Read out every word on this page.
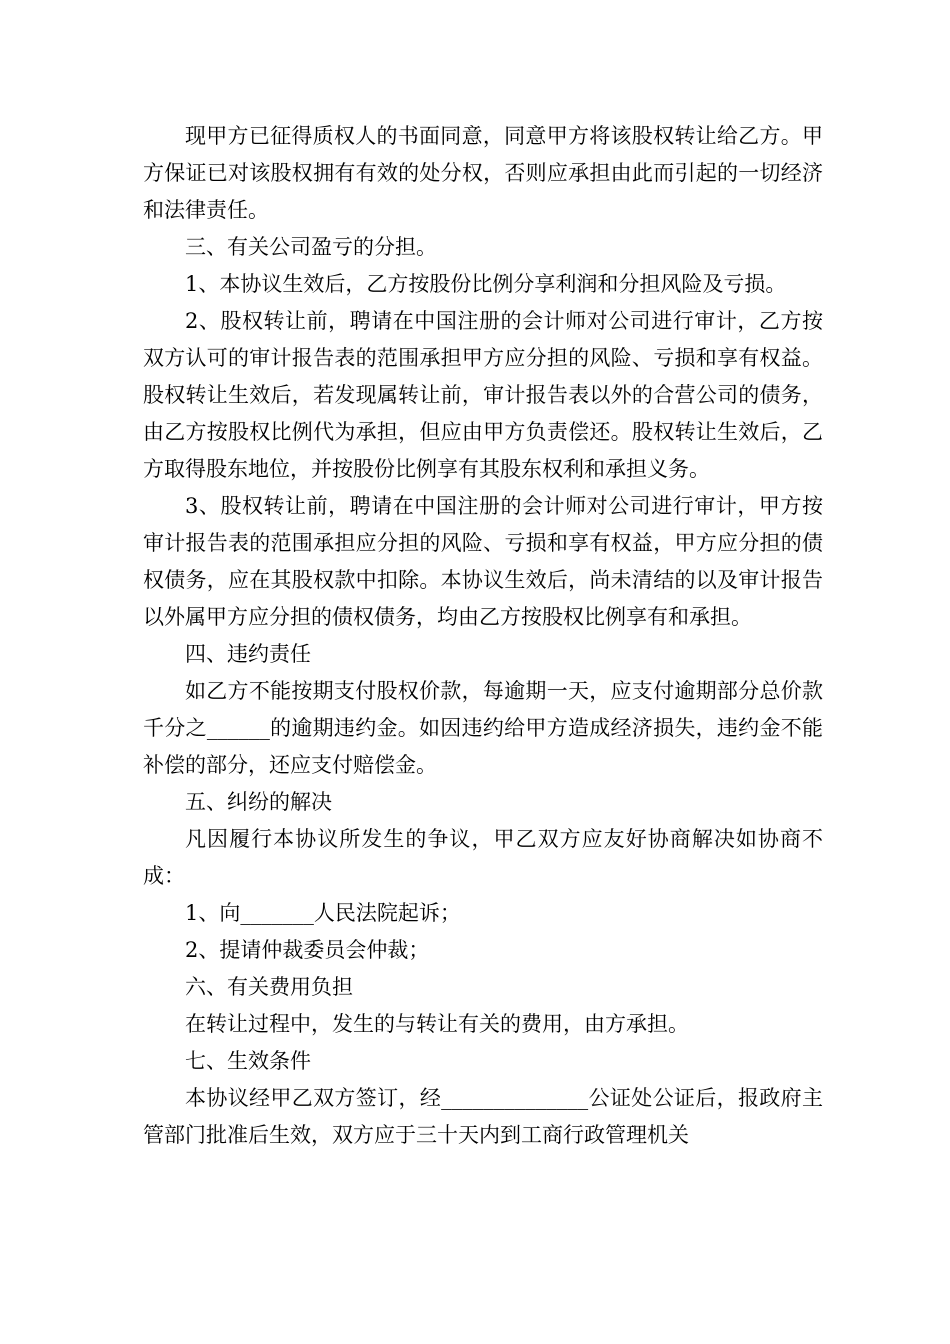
现甲方已征得质权人的书面同意，同意甲方将该股权转让给乙方。甲方保证已对该股权拥有有效的处分权，否则应承担由此而引起的一切经济和法律责任。

三、有关公司盈亏的分担。

1、本协议生效后，乙方按股份比例分享利润和分担风险及亏损。

2、股权转让前，聘请在中国注册的会计师对公司进行审计，乙方按双方认可的审计报告表的范围承担甲方应分担的风险、亏损和享有权益。股权转让生效后，若发现属转让前，审计报告表以外的合营公司的债务，由乙方按股权比例代为承担，但应由甲方负责偿还。股权转让生效后，乙方取得股东地位，并按股份比例享有其股东权利和承担义务。

3、股权转让前，聘请在中国注册的会计师对公司进行审计，甲方按审计报告表的范围承担应分担的风险、亏损和享有权益，甲方应分担的债权债务，应在其股权款中扣除。本协议生效后，尚未清结的以及审计报告以外属甲方应分担的债权债务，均由乙方按股权比例享有和承担。

四、违约责任

如乙方不能按期支付股权价款，每逾期一天，应支付逾期部分总价款千分之______的逾期违约金。如因违约给甲方造成经济损失，违约金不能补偿的部分，还应支付赔偿金。

五、纠纷的解决

凡因履行本协议所发生的争议，甲乙双方应友好协商解决如协商不成：

1、向_______人民法院起诉；

2、提请仲裁委员会仲裁；

六、有关费用负担

在转让过程中，发生的与转让有关的费用，由方承担。

七、生效条件

本协议经甲乙双方签订，经______________公证处公证后，报政府主管部门批准后生效，双方应于三十天内到工商行政管理机关
